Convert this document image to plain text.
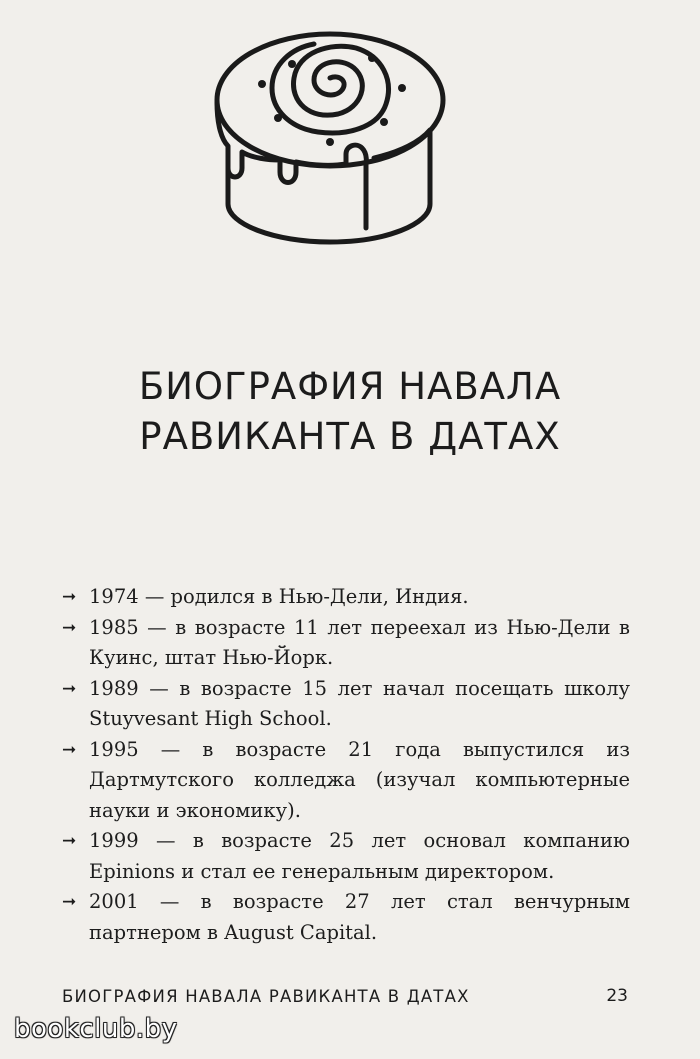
БИОГРАФИЯ НАВАЛА
РАВИКАНТА В ДАТАХ
➞ 1974 — родился в Нью-Дели, Индия.
➞ 1985 — в возрасте 11 лет переехал из Нью-Дели в Куинс, штат Нью-Йорк.
➞ 1989 — в возрасте 15 лет начал посещать школу Stuyvesant High School.
➞ 1995 — в возрасте 21 года выпустился из Дартмутского колледжа (изучал компьютерные науки и экономику).
➞ 1999 — в возрасте 25 лет основал компанию Epinions и стал ее генеральным директором.
➞ 2001 — в возрасте 27 лет стал венчурным партнером в August Capital.
БИОГРАФИЯ НАВАЛА РАВИКАНТА В ДАТАХ	23
bookclub.by
